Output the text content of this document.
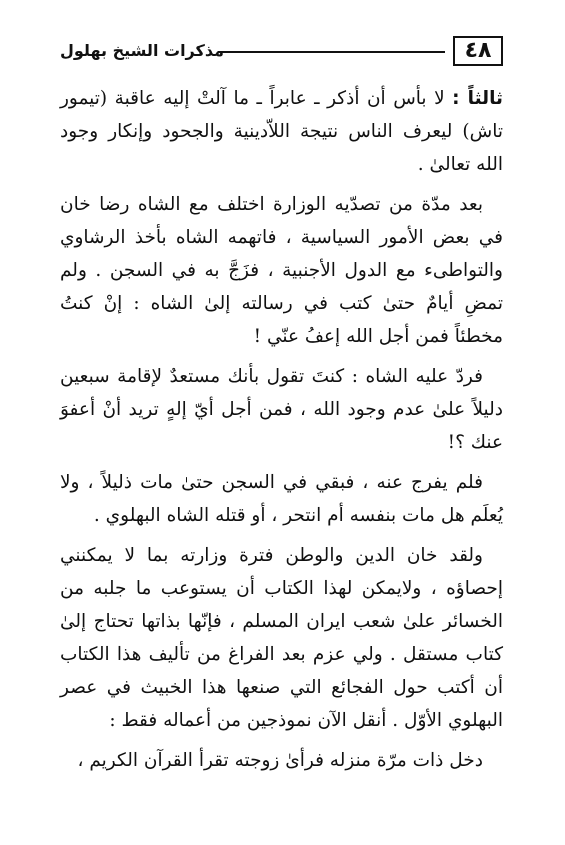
٤٨
مذكرات الشيخ بهلول

ثالثاً : لا بأس أن أذكر ـ عابراً ـ ما آلتْ إليه عاقبة (تيمور تاش) ليعرف الناس نتيجة اللاّدينية والجحود وإنكار وجود الله تعالىٰ .

بعد مدّة من تصدّيه الوزارة اختلف مع الشاه رضا خان في بعض الأمور السياسية ، فاتهمه الشاه بأخذ الرشاوي والتواطىء مع الدول الأجنبية ، فزَجَّ به في السجن . ولم تمضِ أيامٌ حتىٰ كتب في رسالته إلىٰ الشاه : إنْ كنتُ مخطئاً فمن أجل الله إعفُ عنّي !

فردّ عليه الشاه : كنتَ تقول بأنك مستعدٌ لإقامة سبعين دليلاً علىٰ عدم وجود الله ، فمن أجل أيّ إلهٍ تريد أنْ أعفوَ عنك ؟!

فلم يفرج عنه ، فبقي في السجن حتىٰ مات ذليلاً ، ولا يُعلَم هل مات بنفسه أم انتحر ، أو قتله الشاه البهلوي .

ولقد خان الدين والوطن فترة وزارته بما لا يمكنني إحصاؤه ، ولايمكن لهذا الكتاب أن يستوعب ما جلبه من الخسائر علىٰ شعب ايران المسلم ، فإنّها بذاتها تحتاج إلىٰ كتاب مستقل . ولي عزم بعد الفراغ من تأليف هذا الكتاب أن أكتب حول الفجائع التي صنعها هذا الخبيث في عصر البهلوي الأوّل . أنقل الآن نموذجين من أعماله فقط :

دخل ذات مرّة منزله فرأىٰ زوجته تقرأ القرآن الكريم ،
